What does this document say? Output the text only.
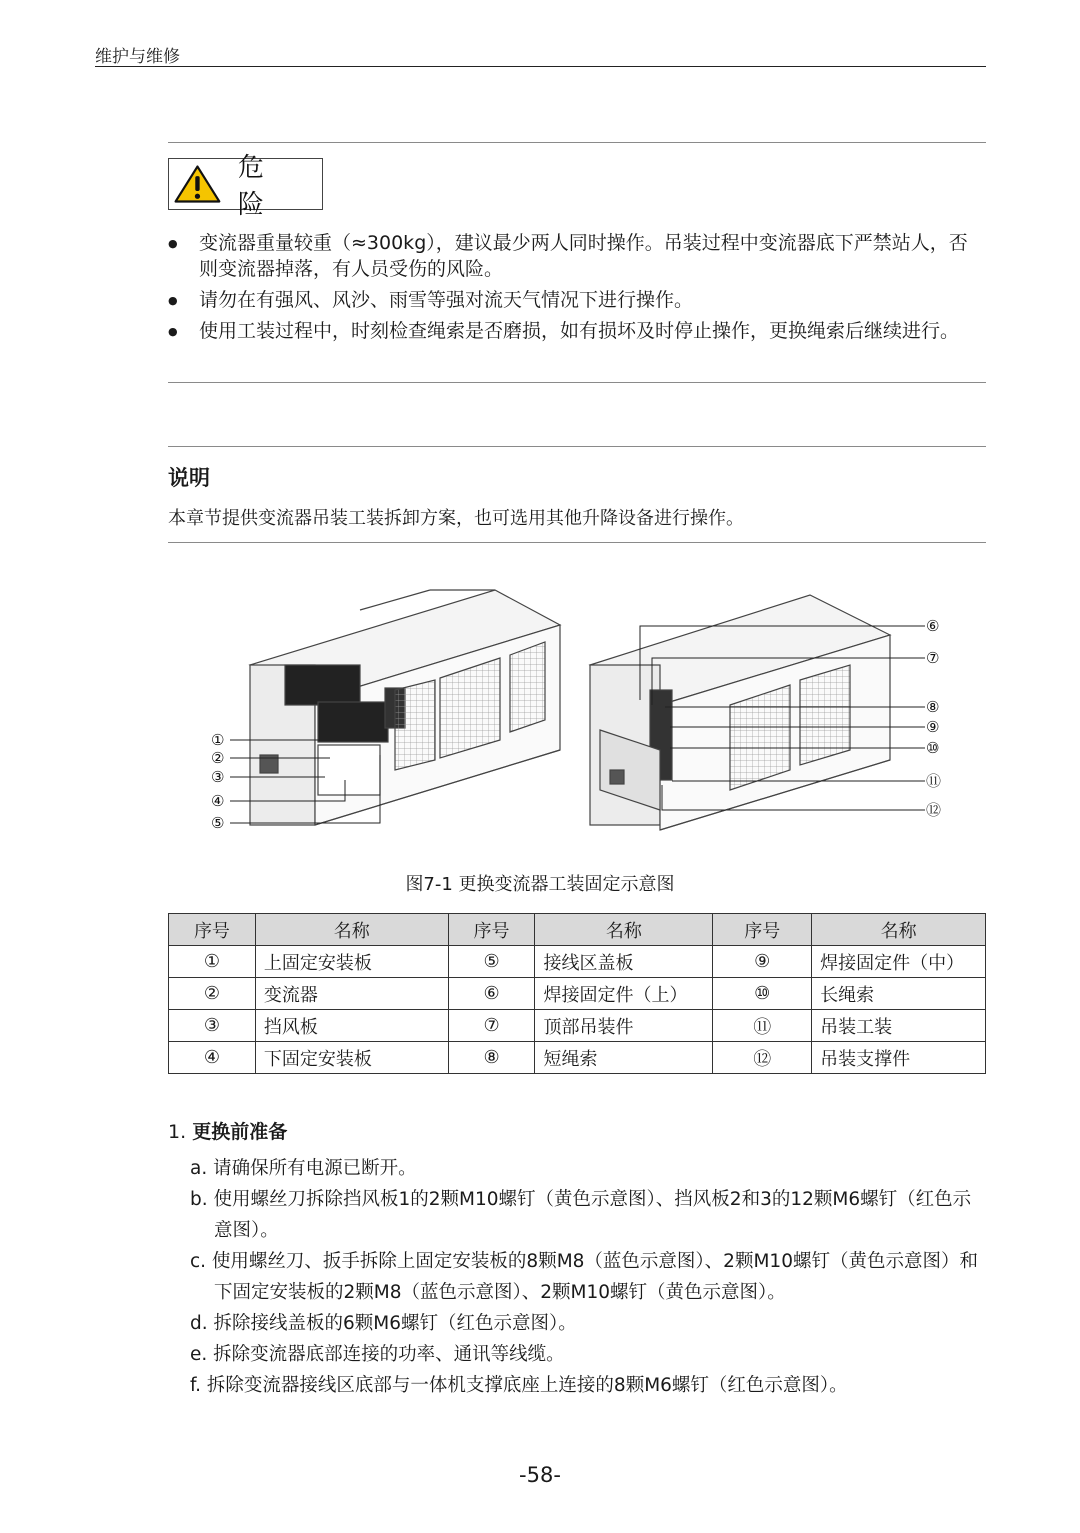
维护与维修
危 险
● 变流器重量较重（≈300kg），建议最少两人同时操作。吊装过程中变流器底下严禁站人，否则变流器掉落，有人员受伤的风险。
● 请勿在有强风、风沙、雨雪等强对流天气情况下进行操作。
● 使用工装过程中，时刻检查绳索是否磨损，如有损坏及时停止操作，更换绳索后继续进行。
说明
本章节提供变流器吊装工装拆卸方案，也可选用其他升降设备进行操作。
①
②
③
④
⑤
⑥
⑦
⑧
⑨
⑩
⑪
⑫
图7-1 更换变流器工装固定示意图
序号	名称	序号	名称	序号	名称
①	上固定安装板	⑤	接线区盖板	⑨	焊接固定件（中）
②	变流器	⑥	焊接固定件（上）	⑩	长绳索
③	挡风板	⑦	顶部吊装件	⑪	吊装工装
④	下固定安装板	⑧	短绳索	⑫	吊装支撑件
1. 更换前准备
a. 请确保所有电源已断开。
b. 使用螺丝刀拆除挡风板1的2颗M10螺钉（黄色示意图）、挡风板2和3的12颗M6螺钉（红色示意图）。
c. 使用螺丝刀、扳手拆除上固定安装板的8颗M8（蓝色示意图）、2颗M10螺钉（黄色示意图）和下固定安装板的2颗M8（蓝色示意图）、2颗M10螺钉（黄色示意图）。
d. 拆除接线盖板的6颗M6螺钉（红色示意图）。
e. 拆除变流器底部连接的功率、通讯等线缆。
f. 拆除变流器接线区底部与一体机支撑底座上连接的8颗M6螺钉（红色示意图）。
-58-
